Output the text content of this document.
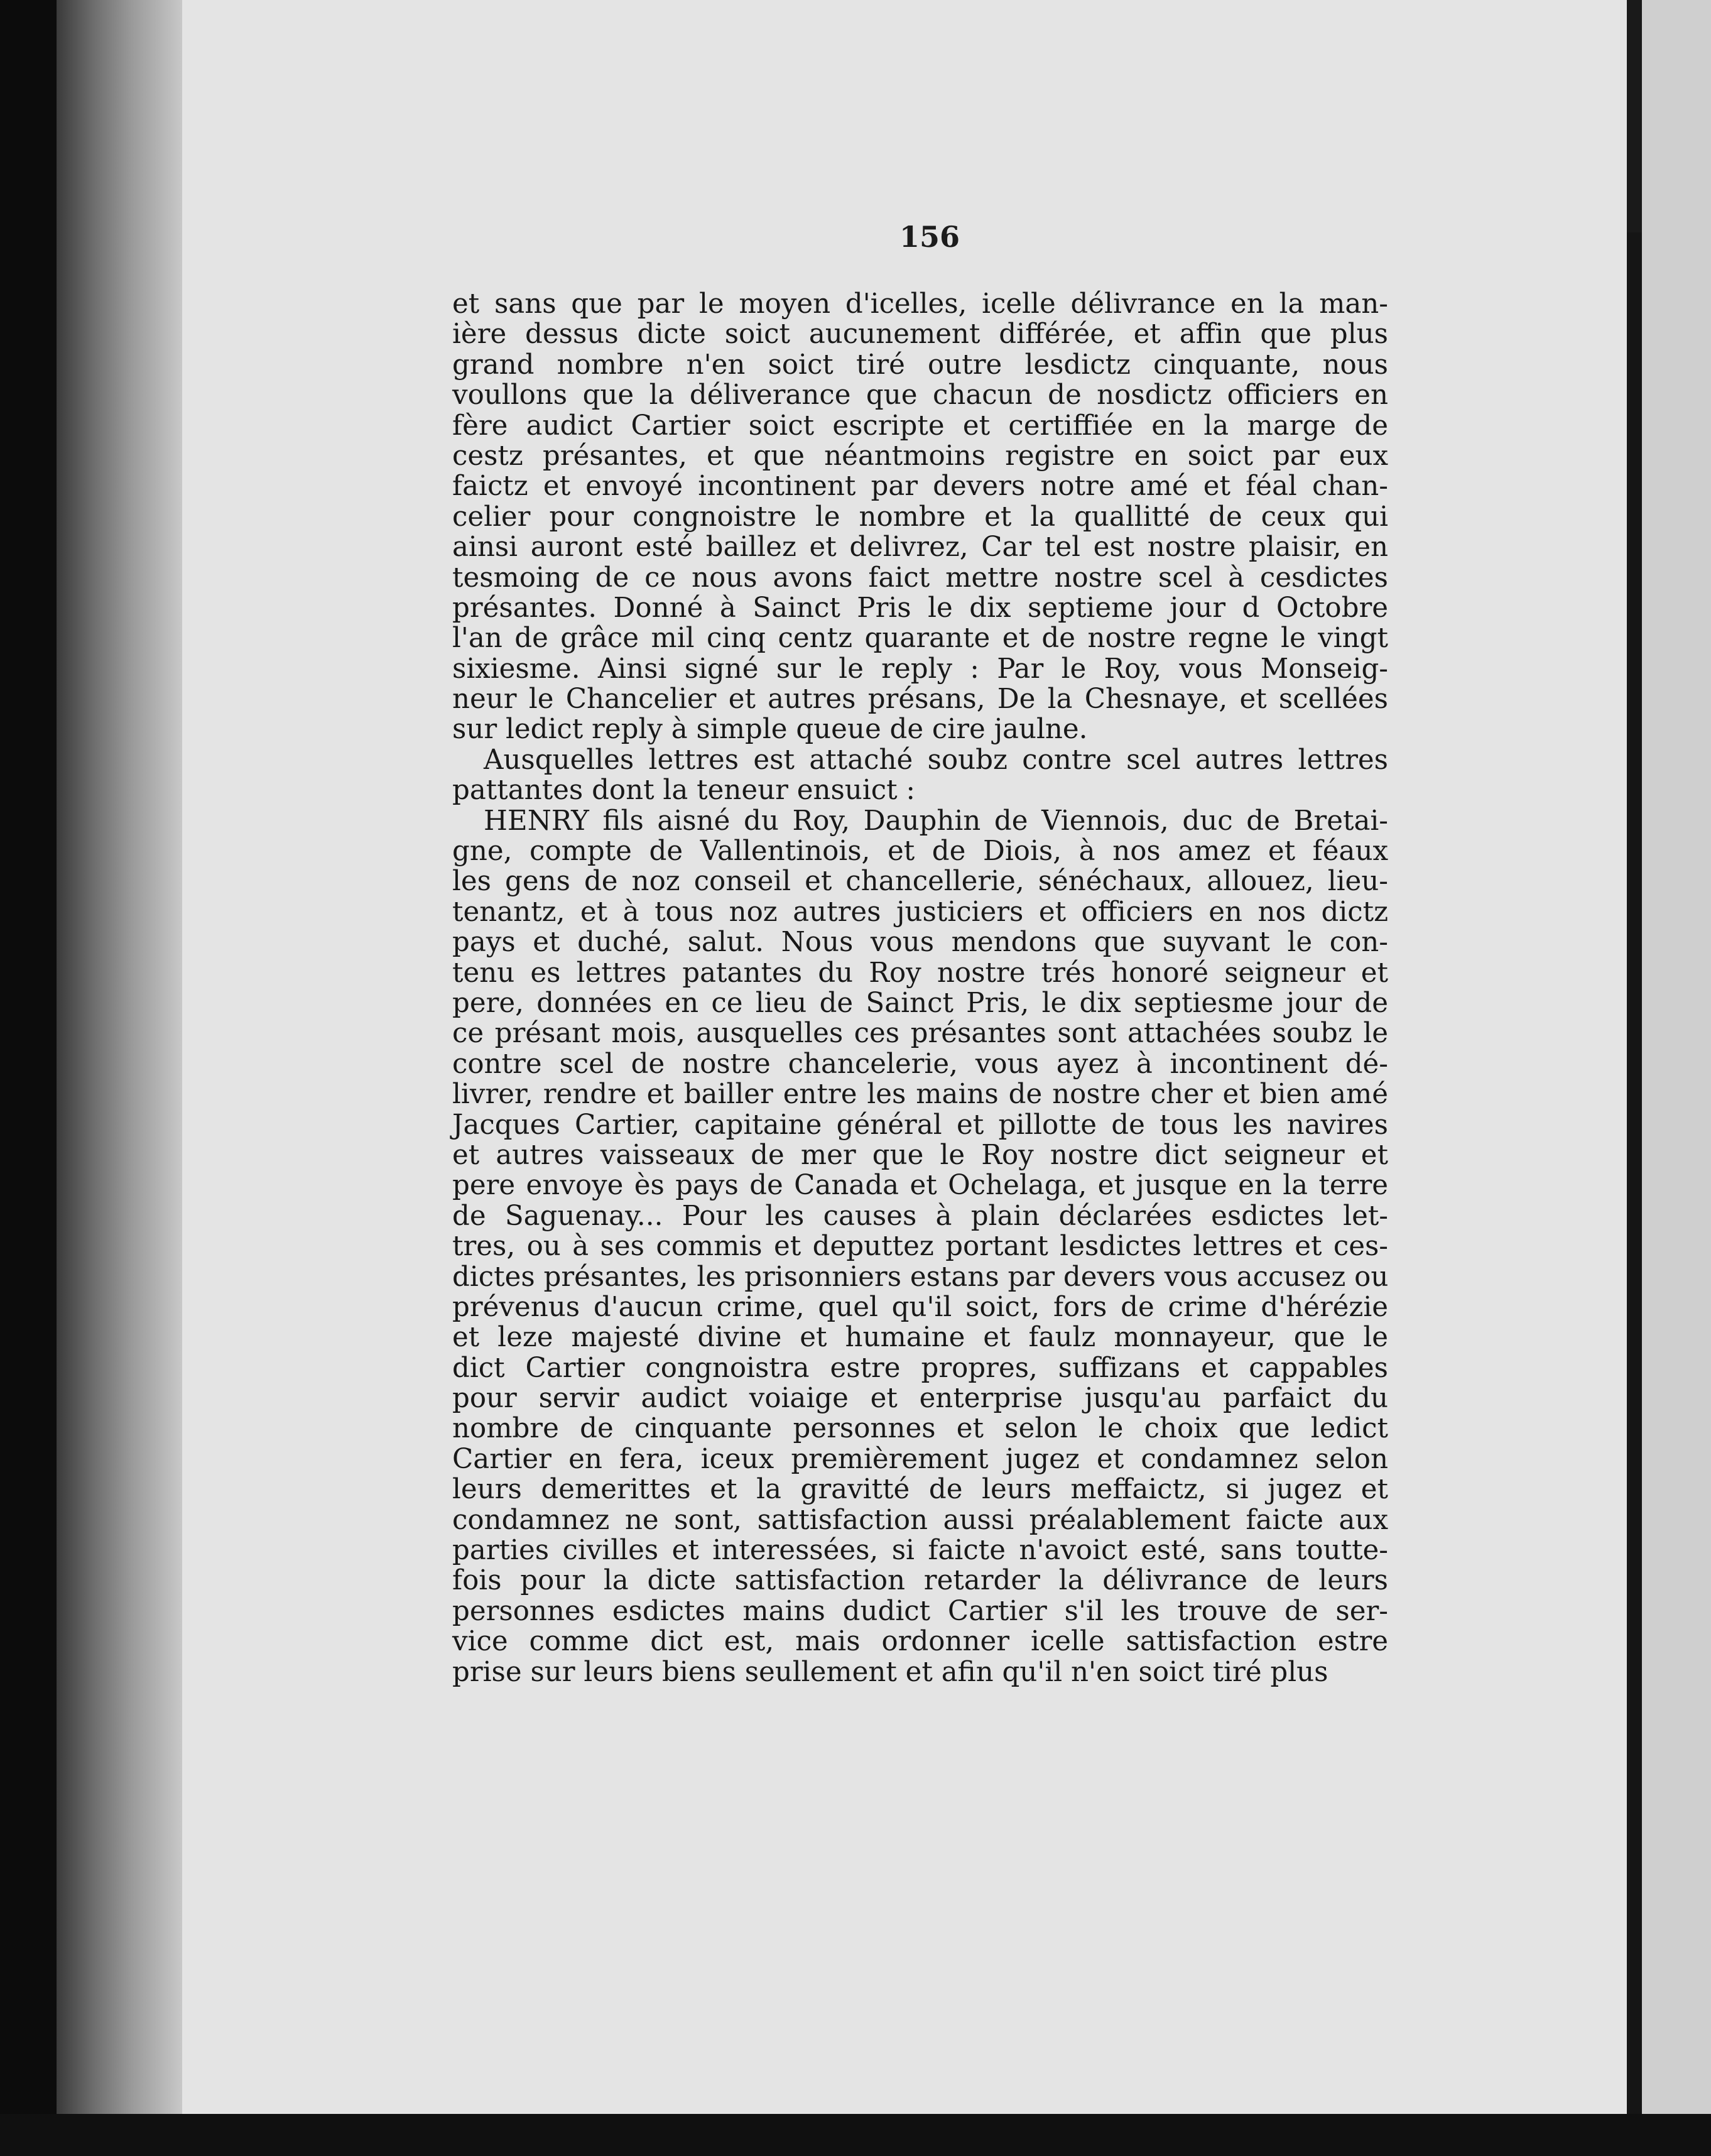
156
et sans que par le moyen d'icelles, icelle délivrance en la man-
ière dessus dicte soict aucunement différée, et affin que plus
grand nombre n'en soict tiré outre lesdictz cinquante, nous
voullons que la déliverance que chacun de nosdictz officiers en
fère audict Cartier soict escripte et certiffiée en la marge de
cestz présantes, et que néantmoins registre en soict par eux
faictz et envoyé incontinent par devers notre amé et féal chan-
celier pour congnoistre le nombre et la quallitté de ceux qui
ainsi auront esté baillez et delivrez, Car tel est nostre plaisir, en
tesmoing de ce nous avons faict mettre nostre scel à cesdictes
présantes. Donné à Sainct Pris le dix septieme jour d Octobre
l'an de grâce mil cinq centz quarante et de nostre regne le vingt
sixiesme. Ainsi signé sur le reply : Par le Roy, vous Monseig-
neur le Chancelier et autres présans, De la Chesnaye, et scellées
sur ledict reply à simple queue de cire jaulne.
Ausquelles lettres est attaché soubz contre scel autres lettres
pattantes dont la teneur ensuict :
HENRY fils aisné du Roy, Dauphin de Viennois, duc de Bretai-
gne, compte de Vallentinois, et de Diois, à nos amez et féaux
les gens de noz conseil et chancellerie, sénéchaux, allouez, lieu-
tenantz, et à tous noz autres justiciers et officiers en nos dictz
pays et duché, salut. Nous vous mendons que suyvant le con-
tenu es lettres patantes du Roy nostre trés honoré seigneur et
pere, données en ce lieu de Sainct Pris, le dix septiesme jour de
ce présant mois, ausquelles ces présantes sont attachées soubz le
contre scel de nostre chancelerie, vous ayez à incontinent dé-
livrer, rendre et bailler entre les mains de nostre cher et bien amé
Jacques Cartier, capitaine général et pillotte de tous les navires
et autres vaisseaux de mer que le Roy nostre dict seigneur et
pere envoye ès pays de Canada et Ochelaga, et jusque en la terre
de Saguenay... Pour les causes à plain déclarées esdictes let-
tres, ou à ses commis et deputtez portant lesdictes lettres et ces-
dictes présantes, les prisonniers estans par devers vous accusez ou
prévenus d'aucun crime, quel qu'il soict, fors de crime d'hérézie
et leze majesté divine et humaine et faulz monnayeur, que le
dict Cartier congnoistra estre propres, suffizans et cappables
pour servir audict voiaige et enterprise jusqu'au parfaict du
nombre de cinquante personnes et selon le choix que ledict
Cartier en fera, iceux premièrement jugez et condamnez selon
leurs demerittes et la gravitté de leurs meffaictz, si jugez et
condamnez ne sont, sattisfaction aussi préalablement faicte aux
parties civilles et interessées, si faicte n'avoict esté, sans toutte-
fois pour la dicte sattisfaction retarder la délivrance de leurs
personnes esdictes mains dudict Cartier s'il les trouve de ser-
vice comme dict est, mais ordonner icelle sattisfaction estre
prise sur leurs biens seullement et afin qu'il n'en soict tiré plus
